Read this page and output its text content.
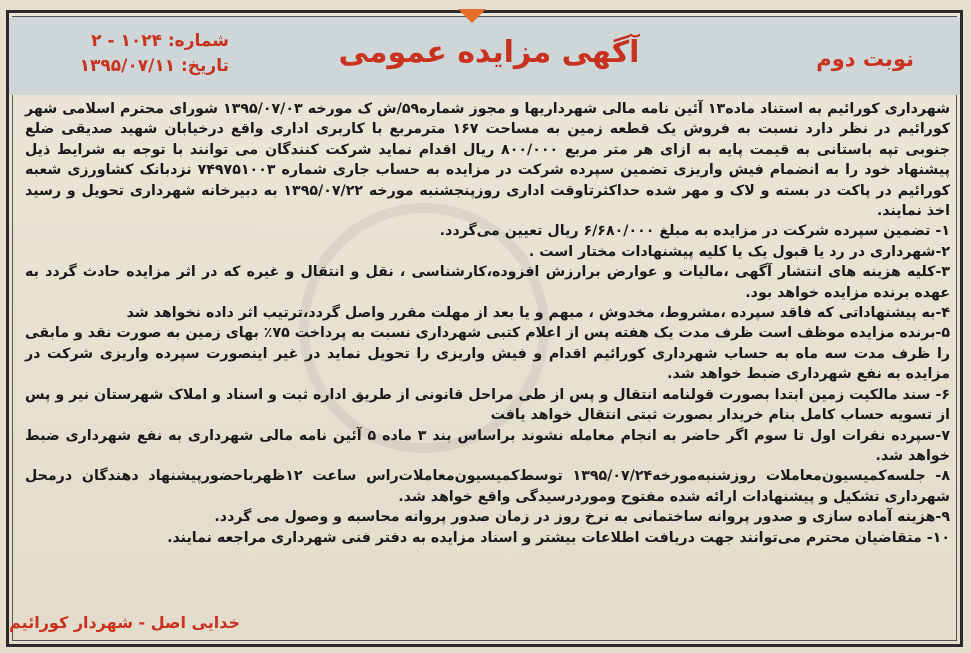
شماره: ۱۰۲۴ - ۲
تاریخ: ۱۳۹۵/۰۷/۱۱	آگهی مزایده عمومی	نوبت دوم

شهرداری کورائیم به استناد ماده۱۳ آئین نامه مالی شهرداریها و مجوز شماره۵۹/ش ک مورخه ۱۳۹۵/۰۷/۰۳ شورای محترم اسلامی شهر کورائیم در نظر دارد نسبت به فروش یک قطعه زمین به مساحت ۱۶۷ مترمربع با کاربری اداری واقع درخیابان شهید صدیقی ضلع جنوبی تپه باستانی به قیمت پایه به ازای هر متر مربع ۸۰۰/۰۰۰ ریال اقدام نماید شرکت کنندگان می توانند با توجه به شرایط ذیل پیشنهاد خود را به انضمام فیش واریزی تضمین سپرده شرکت در مزایده به حساب جاری شماره ۷۴۹۷۵۱۰۰۳ نزدبانک کشاورزی شعبه کورائیم در پاکت در بسته و لاک و مهر شده حداکثرتاوقت اداری روزپنجشنبه مورخه ۱۳۹۵/۰۷/۲۲ به دبیرخانه شهرداری تحویل و رسید اخذ نمایند.

۱- تضمین سپرده شرکت در مزایده به مبلغ ۶/۶۸۰/۰۰۰ ریال تعیین می‌گردد.

۲-شهرداری در رد یا قبول یک یا کلیه پیشنهادات مختار است .

۳-کلیه هزینه های انتشار آگهی ،مالیات و عوارض برارزش افزوده،کارشناسی ، نقل و انتقال و غیره که در اثر مزایده حادث گردد به عهده برنده مزایده خواهد بود.

۴-به پیشنهاداتی که فاقد سپرده ،مشروط، مخدوش ، مبهم و یا بعد از مهلت مقرر واصل گردد،ترتیب اثر داده نخواهد شد

۵-برنده مزایده موظف است ظرف مدت یک هفته پس از اعلام کتبی شهرداری نسبت به پرداخت ۷۵٪ بهای زمین به صورت نقد و مابقی را ظرف مدت سه ماه به حساب شهرداری کورائیم اقدام و فیش واریزی را تحویل نماید در غیر اینصورت سپرده واریزی شرکت در مزایده به نفع شهرداری ضبط خواهد شد.

۶- سند مالکیت زمین ابتدا بصورت قولنامه انتقال و پس از طی مراحل قانونی از طریق اداره ثبت و اسناد و املاک شهرستان نیر و پس از تسویه حساب کامل بنام خریدار بصورت ثبتی انتقال خواهد یافت

۷-سپرده نفرات اول تا سوم اگر حاضر به انجام معامله نشوند براساس بند ۳ ماده ۵ آئین نامه مالی شهرداری به نفع شهرداری ضبط خواهد شد.

۸- جلسه‌کمیسیون‌معاملات روزشنبه‌مورخه۱۳۹۵/۰۷/۲۴ توسط‌کمیسیون‌معاملات‌راس ساعت ۱۲ظهرباحضورپیشنهاد دهندگان درمحل شهرداری تشکیل و پیشنهادات ارائه شده مفتوح وموردرسیدگی واقع خواهد شد.

۹-هزینه آماده سازی و صدور پروانه ساختمانی به نرخ روز در زمان صدور پروانه محاسبه و وصول می گردد.

۱۰- متقاضیان محترم می‌توانند جهت دریافت اطلاعات بیشتر و اسناد مزایده به دفتر فنی شهرداری مراجعه نمایند.

خدایی اصل - شهردار کورائیم
